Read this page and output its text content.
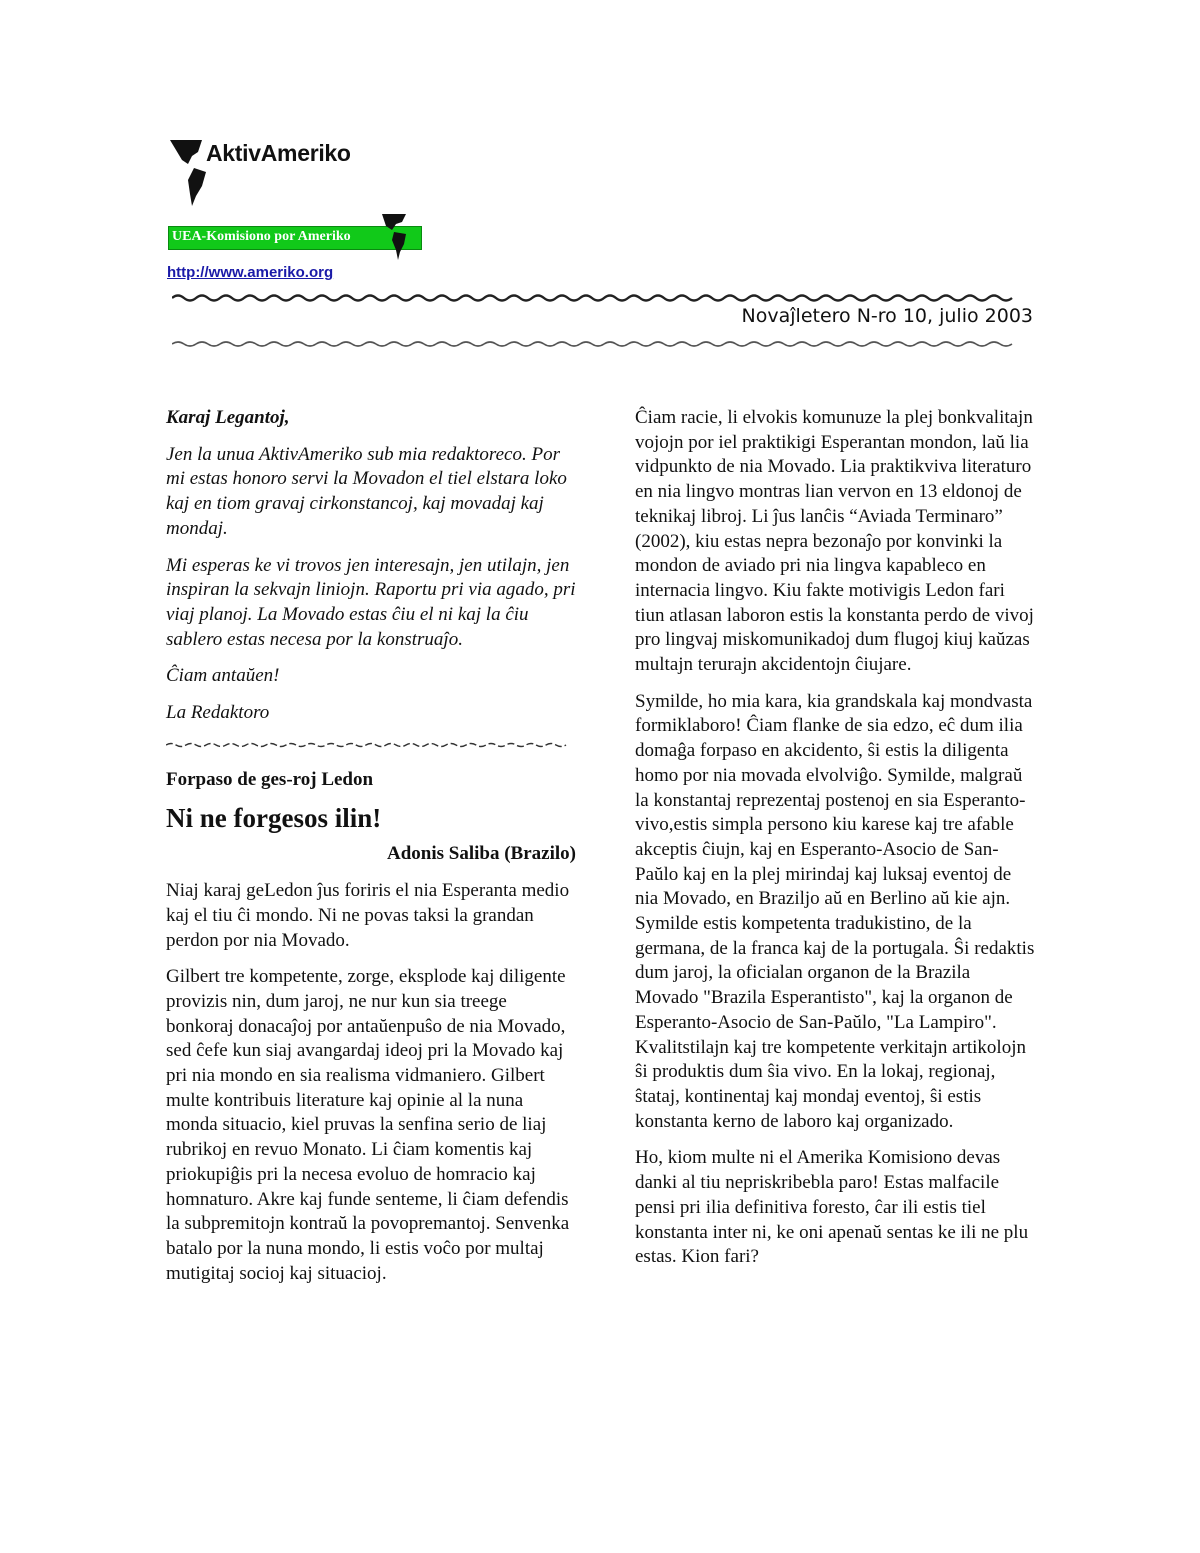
AktivAmeriko
UEA-Komisiono por Ameriko
http://www.ameriko.org
Novaĵletero N-ro 10, julio 2003

Karaj Legantoj,

Jen la unua AktivAmeriko sub mia redaktoreco. Por mi estas honoro servi la Movadon el tiel elstara loko kaj en tiom gravaj cirkonstancoj, kaj movadaj kaj mondaj.

Mi esperas ke vi trovos jen interesajn, jen utilajn, jen inspiran la sekvajn liniojn. Raportu pri via agado, pri viaj planoj. La Movado estas ĉiu el ni kaj la ĉiu sablero estas necesa por la konstruaĵo.

Ĉiam antaŭen!

La Redaktoro

Forpaso de ges-roj Ledon

Ni ne forgesos ilin!

Adonis Saliba (Brazilo)

Niaj karaj geLedon ĵus foriris el nia Esperanta medio kaj el tiu ĉi mondo. Ni ne povas taksi la grandan perdon por nia Movado.

Gilbert tre kompetente, zorge, eksplode kaj diligente provizis nin, dum jaroj, ne nur kun sia treege bonkoraj donacaĵoj por antaŭenpuŝo de nia Movado, sed ĉefe kun siaj avangardaj ideoj pri la Movado kaj pri nia mondo en sia realisma vidmaniero. Gilbert multe kontribuis literature kaj opinie al la nuna monda situacio, kiel pruvas la senfina serio de liaj rubrikoj en revuo Monato. Li ĉiam komentis kaj priokupiĝis pri la necesa evoluo de homracio kaj homnaturo. Akre kaj funde senteme, li ĉiam defendis la subpremitojn kontraŭ la povopremantoj. Senvenka batalo por la nuna mondo, li estis voĉo por multaj mutigitaj socioj kaj situacioj.

Ĉiam racie, li elvokis komunuze la plej bonkvalitajn vojojn por iel praktikigi Esperantan mondon, laŭ lia vidpunkto de nia Movado. Lia praktikviva literaturo en nia lingvo montras lian vervon en 13 eldonoj de teknikaj libroj. Li ĵus lanĉis “Aviada Terminaro” (2002), kiu estas nepra bezonaĵo por konvinki la mondon de aviado pri nia lingva kapableco en internacia lingvo. Kiu fakte motivigis Ledon fari tiun atlasan laboron estis la konstanta perdo de vivoj pro lingvaj miskomunikadoj dum flugoj kiuj kaŭzas multajn terurajn akcidentojn ĉiujare.

Symilde, ho mia kara, kia grandskala kaj mondvasta formiklaboro! Ĉiam flanke de sia edzo, eĉ dum ilia domaĝa forpaso en akcidento, ŝi estis la diligenta homo por nia movada elvolviĝo. Symilde, malgraŭ la konstantaj reprezentaj postenoj en sia Esperanto-vivo,estis simpla persono kiu karese kaj tre afable akceptis ĉiujn, kaj en Esperanto-Asocio de San-Paŭlo kaj en la plej mirindaj kaj luksaj eventoj de nia Movado, en Braziljo aŭ en Berlino aŭ kie ajn. Symilde estis kompetenta tradukistino, de la germana, de la franca kaj de la portugala. Ŝi redaktis dum jaroj, la oficialan organon de la Brazila Movado "Brazila Esperantisto", kaj la organon de Esperanto-Asocio de San-Paŭlo, "La Lampiro". Kvalitstilajn kaj tre kompetente verkitajn artikolojn ŝi produktis dum ŝia vivo. En la lokaj, regionaj, ŝtataj, kontinentaj kaj mondaj eventoj, ŝi estis konstanta kerno de laboro kaj organizado.

Ho, kiom multe ni el Amerika Komisiono devas danki al tiu nepriskribebla paro! Estas malfacile pensi pri ilia definitiva foresto, ĉar ili estis tiel konstanta inter ni, ke oni apenaŭ sentas ke ili ne plu estas. Kion fari?
